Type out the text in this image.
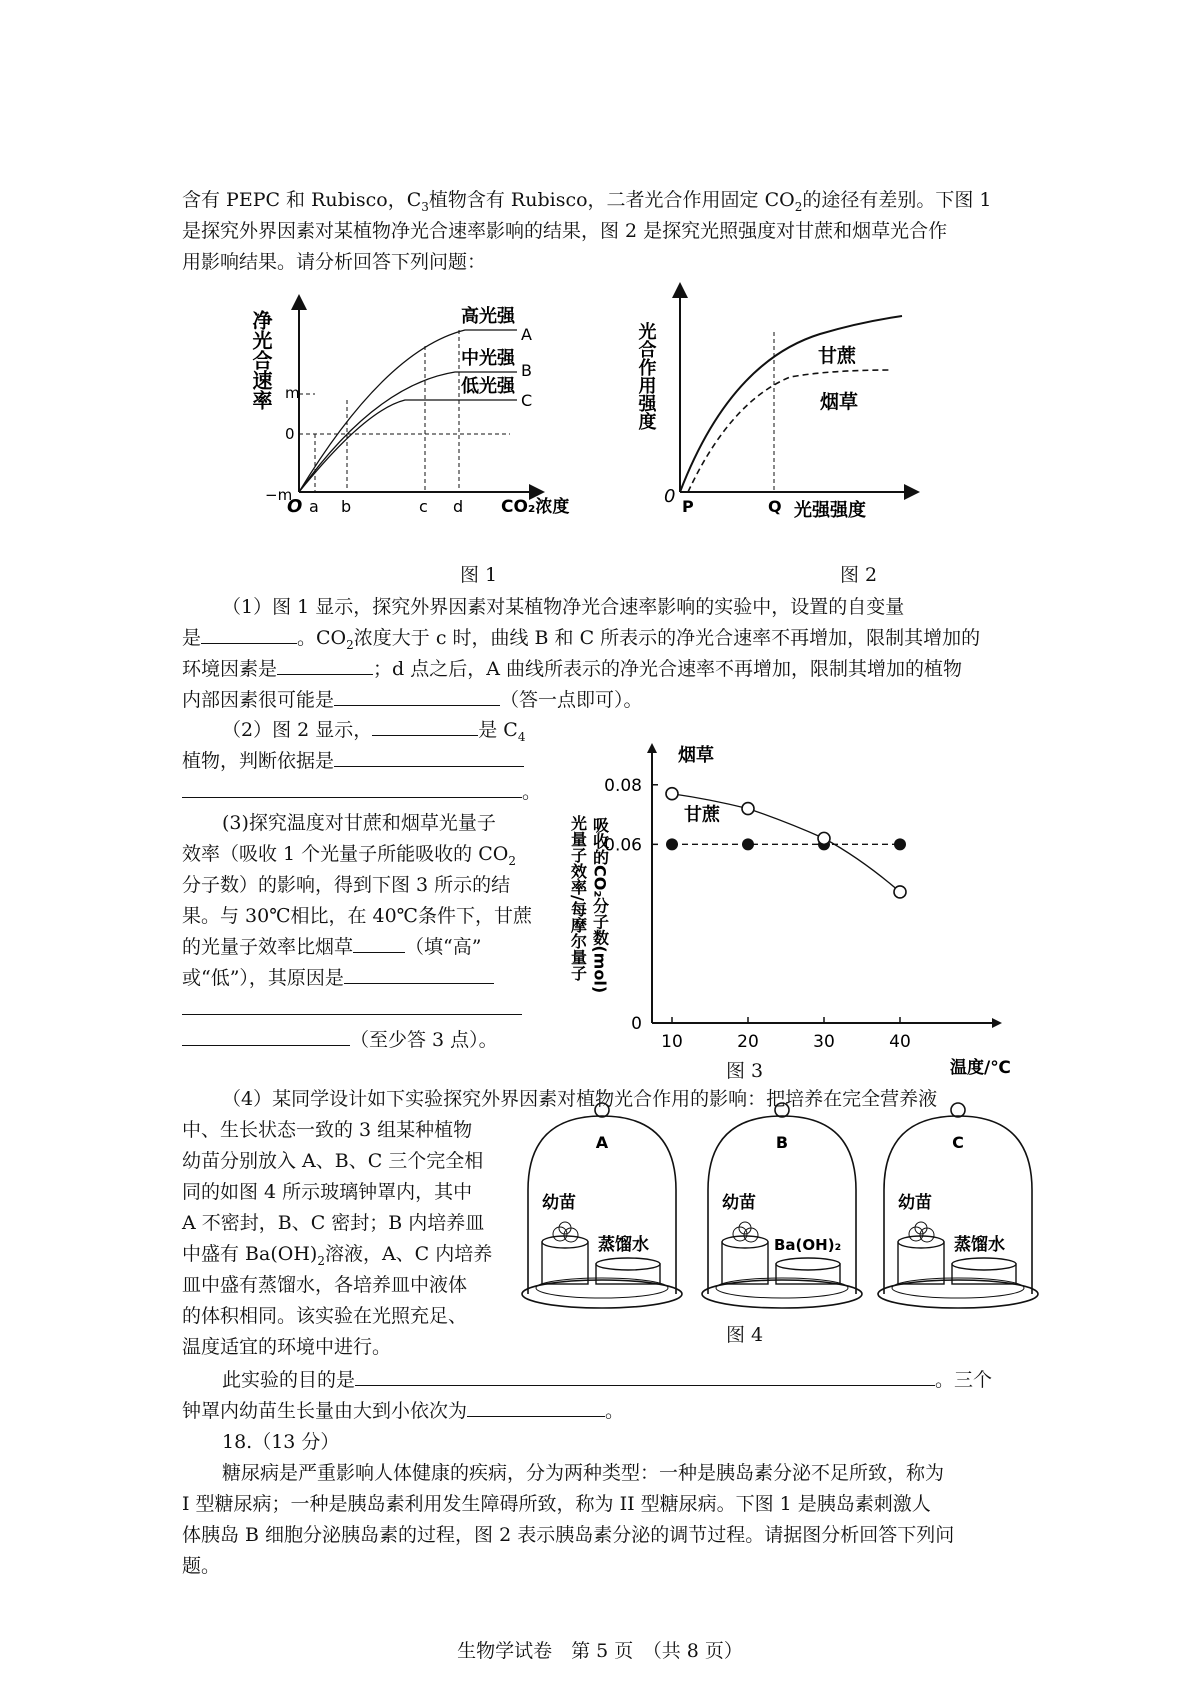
含有 PEPC 和 Rubisco，$C_3$植物含有 Rubisco，二者光合作用固定 $CO_2$的途径有差别。下图 1
是探究外界因素对某植物净光合速率影响的结果，图 2 是探究光照强度对甘蔗和烟草光合作
用影响结果。请分析回答下列问题：
净光合速率 m
0
−m
O a b	c d CO₂浓度
高光强
A
中光强
B
低光强
C
图 1
光合作用强度
0 P	Q 光强强度
甘蔗
烟草
图 2
（1）图 1 显示，探究外界因素对某植物净光合速率影响的实验中，设置的自变量
是	。$CO_2$浓度大于 c 时，曲线 B 和 C 所表示的净光合速率不再增加，限制其增加的
环境因素是	；d 点之后，A 曲线所表示的净光合速率不再增加，限制其增加的植物
内部因素很可能是	（答一点即可）。
（2）图 2 显示，	是 $C_4$
植物，判断依据是
。
(3)探究温度对甘蔗和烟草光量子
效率（吸收 1 个光量子所能吸收的 $CO_2$
分子数）的影响，得到下图 3 所示的结
果。与 30℃相比，在 40℃条件下，甘蔗
的光量子效率比烟草	（填“高”
或“低”），其原因是
（至少答 3 点）。
0.08
0.06
0
10	20	30	40
温度/℃
光量子效率/每摩尔量子 吸收的CO₂分子数(mol)
烟草
甘蔗
图 3
（4）某同学设计如下实验探究外界因素对植物光合作用的影响：把培养在完全营养液
中、生长状态一致的 3 组某种植物
幼苗分别放入 A、B、C 三个完全相
同的如图 4 所示玻璃钟罩内，其中
A 不密封，B、C 密封；B 内培养皿
中盛有 $Ba(OH)_2$溶液，A、C 内培养
皿中盛有蒸馏水，各培养皿中液体
的体积相同。该实验在光照充足、
温度适宜的环境中进行。
A
幼苗
蒸馏水
B
幼苗
Ba(OH)₂
C
幼苗
蒸馏水
图 4
此实验的目的是	。三个
钟罩内幼苗生长量由大到小依次为	。
18.（13 分）
糖尿病是严重影响人体健康的疾病，分为两种类型：一种是胰岛素分泌不足所致，称为
I 型糖尿病；一种是胰岛素利用发生障碍所致，称为 II 型糖尿病。下图 1 是胰岛素刺激人
体胰岛 B 细胞分泌胰岛素的过程，图 2 表示胰岛素分泌的调节过程。请据图分析回答下列问
题。
生物学试卷　第 5 页　（共 8 页）
